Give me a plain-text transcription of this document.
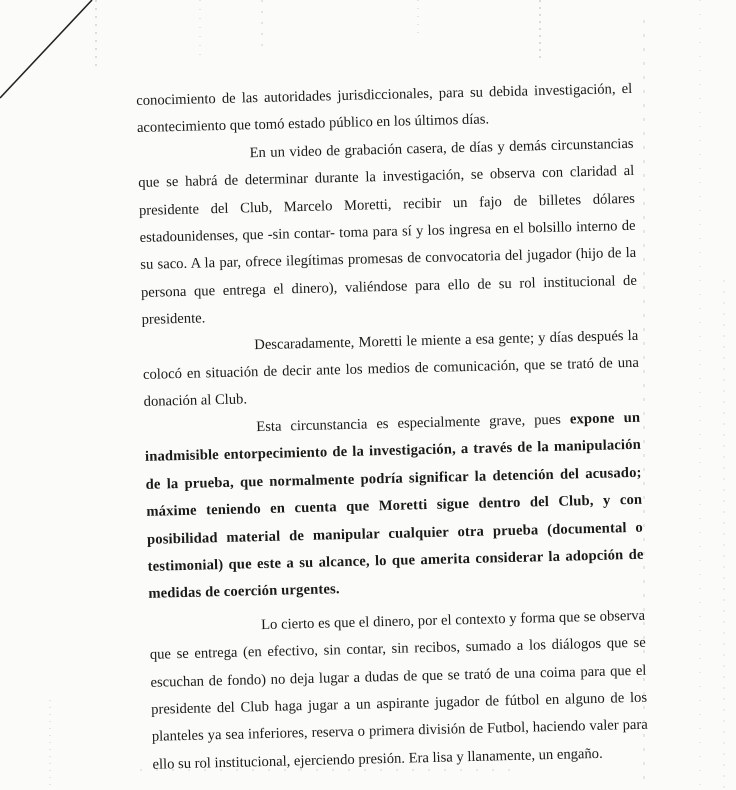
conocimiento de las autoridades jurisdiccionales, para su debida investigación, el acontecimiento que tomó estado público en los últimos días.

En un video de grabación casera, de días y demás circunstancias que se habrá de determinar durante la investigación, se observa con claridad al presidente del Club, Marcelo Moretti, recibir un fajo de billetes dólares estadounidenses, que -sin contar- toma para sí y los ingresa en el bolsillo interno de su saco. A la par, ofrece ilegítimas promesas de convocatoria del jugador (hijo de la persona que entrega el dinero), valiéndose para ello de su rol institucional de presidente.

Descaradamente, Moretti le miente a esa gente; y días después la colocó en situación de decir ante los medios de comunicación, que se trató de una donación al Club.

Esta circunstancia es especialmente grave, pues expone un inadmisible entorpecimiento de la investigación, a través de la manipulación de la prueba, que normalmente podría significar la detención del acusado; máxime teniendo en cuenta que Moretti sigue dentro del Club, y con posibilidad material de manipular cualquier otra prueba (documental o testimonial) que este a su alcance, lo que amerita considerar la adopción de medidas de coerción urgentes.

Lo cierto es que el dinero, por el contexto y forma que se observa que se entrega (en efectivo, sin contar, sin recibos, sumado a los diálogos que se escuchan de fondo) no deja lugar a dudas de que se trató de una coima para que el presidente del Club haga jugar a un aspirante jugador de fútbol en alguno de los planteles ya sea inferiores, reserva o primera división de Futbol, haciendo valer para ello su rol institucional, ejerciendo presión. Era lisa y llanamente, un engaño.
